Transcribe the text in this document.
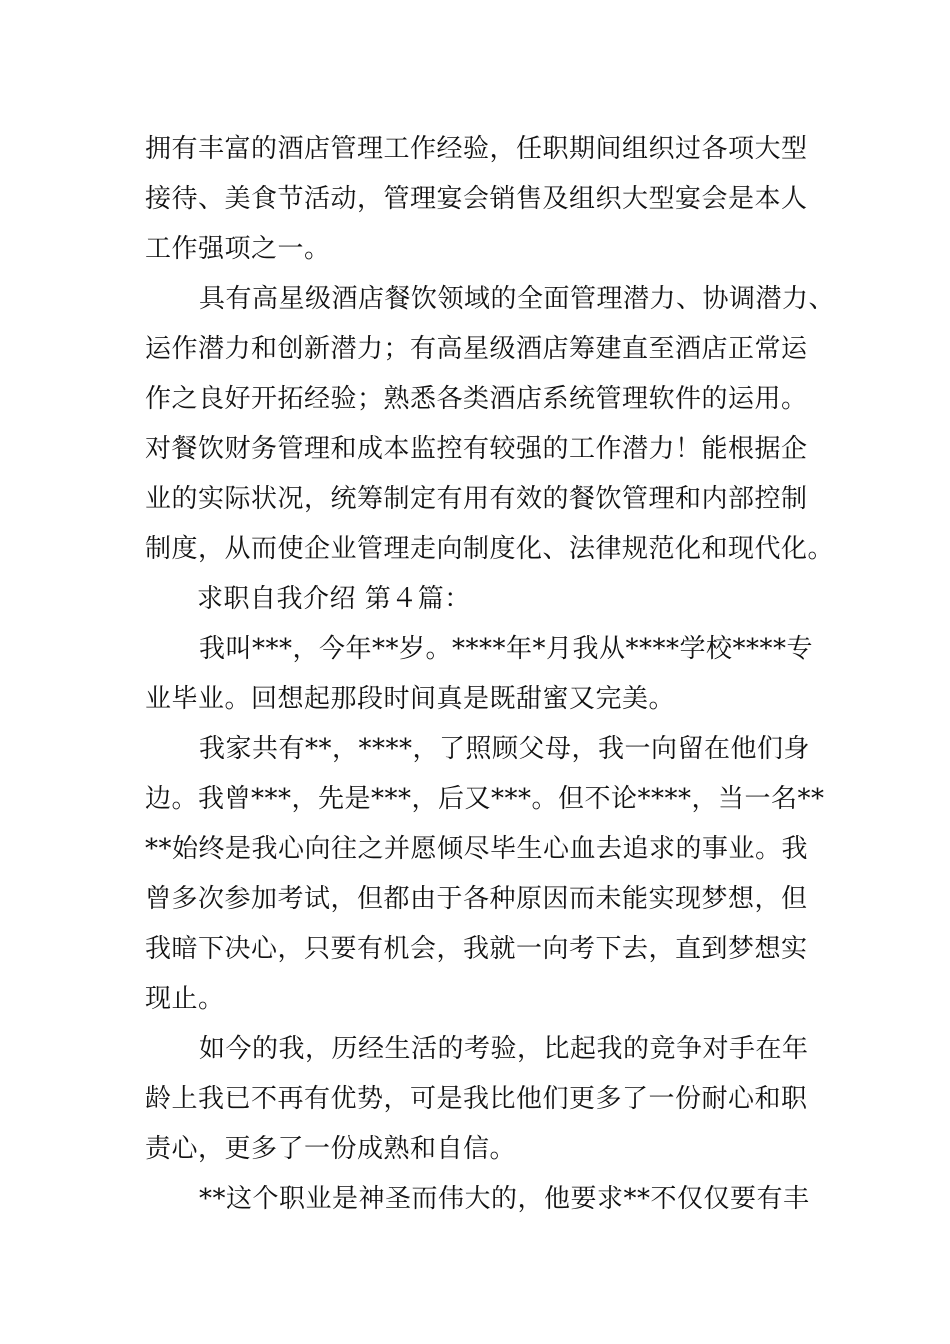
拥有丰富的酒店管理工作经验，任职期间组织过各项大型
接待、美食节活动，管理宴会销售及组织大型宴会是本人
工作强项之一。
具有高星级酒店餐饮领域的全面管理潜力、协调潜力、
运作潜力和创新潜力；有高星级酒店筹建直至酒店正常运
作之良好开拓经验；熟悉各类酒店系统管理软件的运用。
对餐饮财务管理和成本监控有较强的工作潜力！能根据企
业的实际状况，统筹制定有用有效的餐饮管理和内部控制
制度，从而使企业管理走向制度化、法律规范化和现代化。
求职自我介绍 第４篇：
我叫***，今年**岁。****年*月我从****学校****专
业毕业。回想起那段时间真是既甜蜜又完美。
我家共有**，****，了照顾父母，我一向留在他们身
边。我曾***，先是***，后又***。但不论****，当一名**
**始终是我心向往之并愿倾尽毕生心血去追求的事业。我
曾多次参加考试，但都由于各种原因而未能实现梦想，但
我暗下决心，只要有机会，我就一向考下去，直到梦想实
现止。
如今的我，历经生活的考验，比起我的竞争对手在年
龄上我已不再有优势，可是我比他们更多了一份耐心和职
责心，更多了一份成熟和自信。
**这个职业是神圣而伟大的，他要求**不仅仅要有丰
